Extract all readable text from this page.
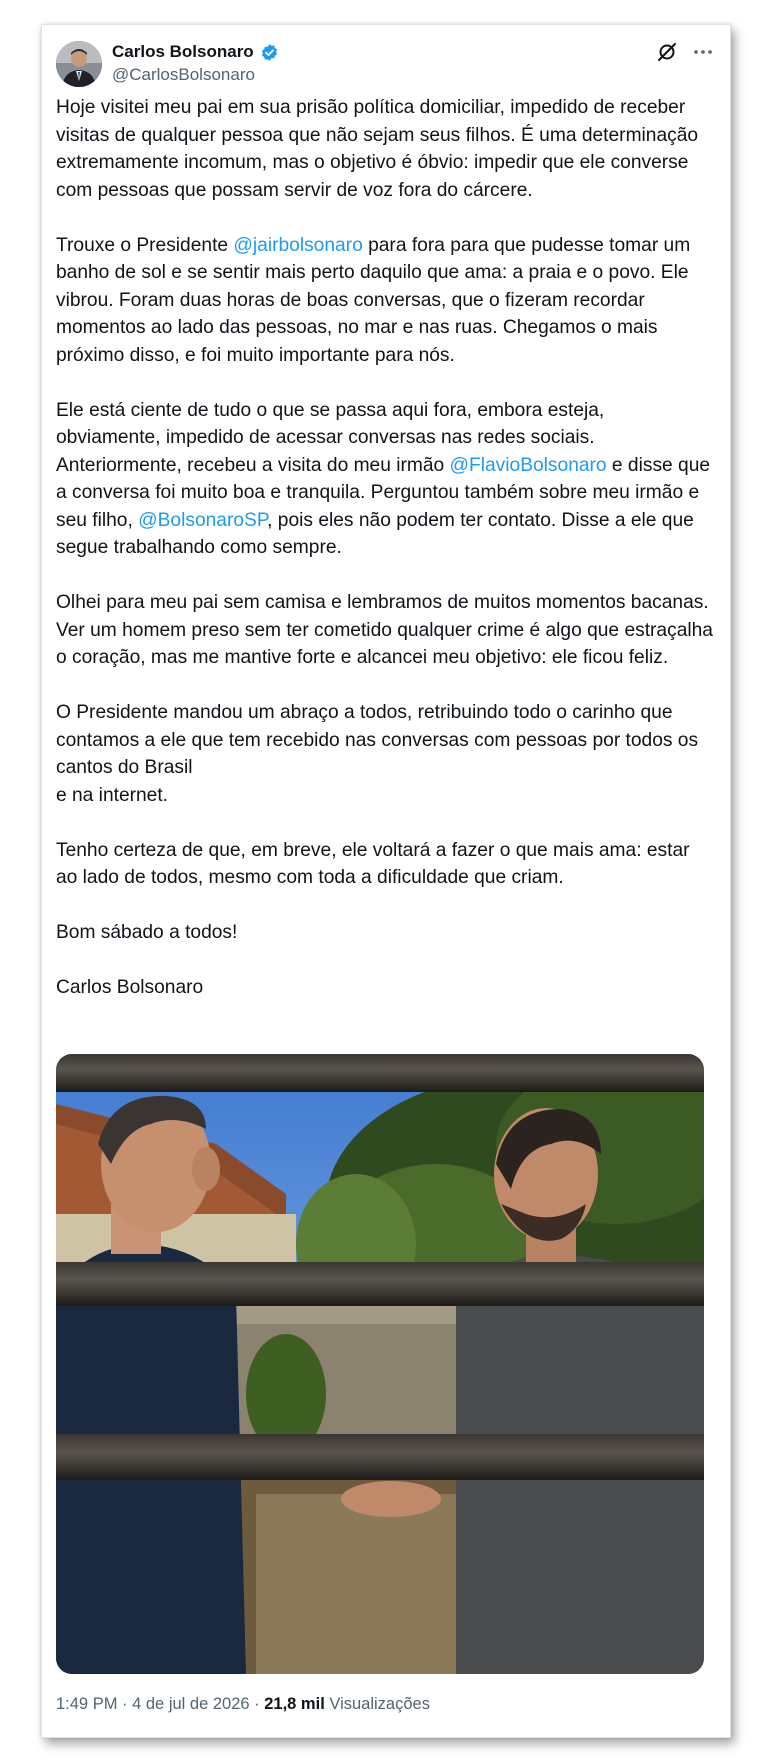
Carlos Bolsonaro
@CarlosBolsonaro

Hoje visitei meu pai em sua prisão política domiciliar, impedido de receber visitas de qualquer pessoa que não sejam seus filhos. É uma determinação extremamente incomum, mas o objetivo é óbvio: impedir que ele converse com pessoas que possam servir de voz fora do cárcere.

Trouxe o Presidente @jairbolsonaro para fora para que pudesse tomar um banho de sol e se sentir mais perto daquilo que ama: a praia e o povo. Ele vibrou. Foram duas horas de boas conversas, que o fizeram recordar momentos ao lado das pessoas, no mar e nas ruas. Chegamos o mais próximo disso, e foi muito importante para nós.

Ele está ciente de tudo o que se passa aqui fora, embora esteja, obviamente, impedido de acessar conversas nas redes sociais. Anteriormente, recebeu a visita do meu irmão @FlavioBolsonaro e disse que a conversa foi muito boa e tranquila. Perguntou também sobre meu irmão e seu filho, @BolsonaroSP, pois eles não podem ter contato. Disse a ele que segue trabalhando como sempre.

Olhei para meu pai sem camisa e lembramos de muitos momentos bacanas. Ver um homem preso sem ter cometido qualquer crime é algo que estraçalha o coração, mas me mantive forte e alcancei meu objetivo: ele ficou feliz.

O Presidente mandou um abraço a todos, retribuindo todo o carinho que contamos a ele que tem recebido nas conversas com pessoas por todos os cantos do Brasil
e na internet.

Tenho certeza de que, em breve, ele voltará a fazer o que mais ama: estar ao lado de todos, mesmo com toda a dificuldade que criam.

Bom sábado a todos!

Carlos Bolsonaro

1:49 PM · 4 de jul de 2026 · 21,8 mil Visualizações
